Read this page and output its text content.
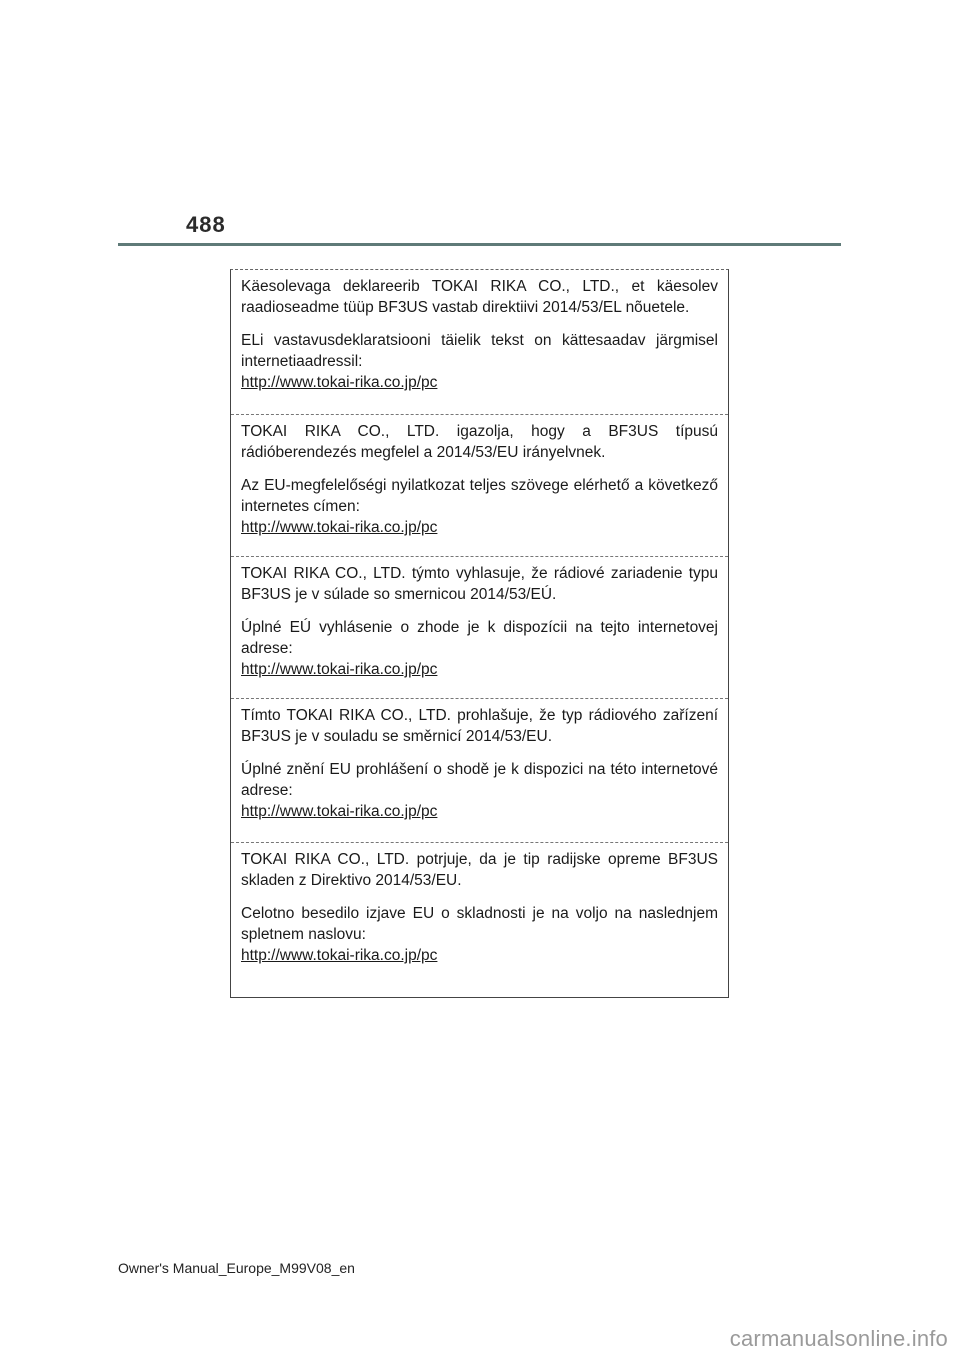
488

Käesolevaga deklareerib TOKAI RIKA CO., LTD., et käesolev raadioseadme tüüp BF3US vastab direktiivi 2014/53/EL nõuetele.

ELi vastavusdeklaratsiooni täielik tekst on kättesaadav järgmisel internetiaadressil:
http://www.tokai-rika.co.jp/pc

TOKAI RIKA CO., LTD. igazolja, hogy a BF3US típusú rádióberendezés megfelel a 2014/53/EU irányelvnek.

Az EU-megfelelőségi nyilatkozat teljes szövege elérhető a következő internetes címen:
http://www.tokai-rika.co.jp/pc

TOKAI RIKA CO., LTD. týmto vyhlasuje, že rádiové zariadenie typu BF3US je v súlade so smernicou 2014/53/EÚ.

Úplné EÚ vyhlásenie o zhode je k dispozícii na tejto internetovej adrese:
http://www.tokai-rika.co.jp/pc

Tímto TOKAI RIKA CO., LTD. prohlašuje, že typ rádiového zařízení BF3US je v souladu se směrnicí 2014/53/EU.

Úplné znění EU prohlášení o shodě je k dispozici na této internetové adrese:
http://www.tokai-rika.co.jp/pc

TOKAI RIKA CO., LTD. potrjuje, da je tip radijske opreme BF3US skladen z Direktivo 2014/53/EU.

Celotno besedilo izjave EU o skladnosti je na voljo na naslednjem spletnem naslovu:
http://www.tokai-rika.co.jp/pc

Owner's Manual_Europe_M99V08_en
carmanualsonline.info
